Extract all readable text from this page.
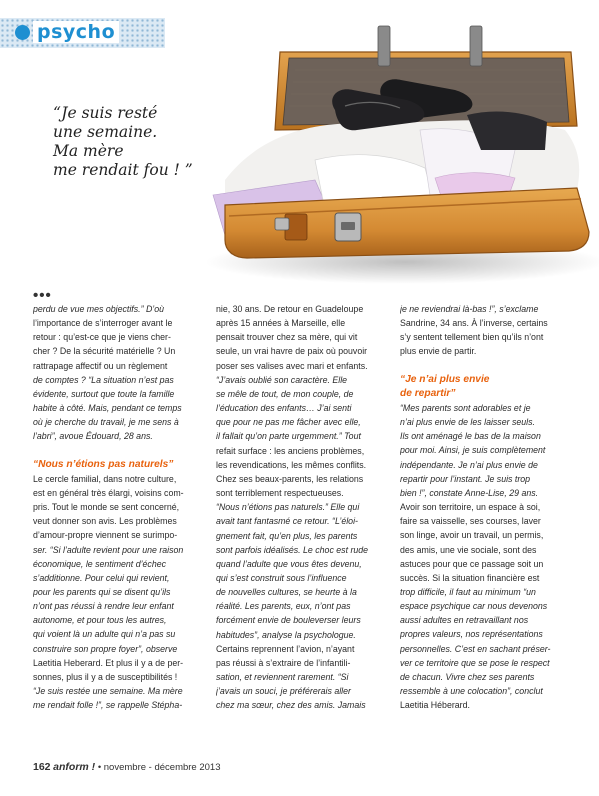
psycho
“Je suis resté
une semaine.
Ma mère
me rendait fou ! ”
•••
perdu de vue mes objectifs.” D’où
l’importance de s’interroger avant le
retour : qu’est-ce que je viens cher-
cher ? De la sécurité matérielle ? Un
rattrapage affectif ou un règlement
de comptes ? “La situation n’est pas
évidente, surtout que toute la famille
habite à côté. Mais, pendant ce temps
où je cherche du travail, je me sens à
l’abri”, avoue Édouard, 28 ans.
“Nous n’étions pas naturels”
Le cercle familial, dans notre culture,
est en général très élargi, voisins com-
pris. Tout le monde se sent concerné,
veut donner son avis. Les problèmes
d’amour-propre viennent se surimpo-
ser. “Si l’adulte revient pour une raison
économique, le sentiment d’échec
s’additionne. Pour celui qui revient,
pour les parents qui se disent qu’ils
n’ont pas réussi à rendre leur enfant
autonome, et pour tous les autres,
qui voient là un adulte qui n’a pas su
construire son propre foyer”, observe
Laetitia Heberard. Et plus il y a de per-
sonnes, plus il y a de susceptibilités !
“Je suis restée une semaine. Ma mère
me rendait folle !”, se rappelle Stépha-
nie, 30 ans. De retour en Guadeloupe
après 15 années à Marseille, elle
pensait trouver chez sa mère, qui vit
seule, un vrai havre de paix où pouvoir
poser ses valises avec mari et enfants.
“J’avais oublié son caractère. Elle
se mêle de tout, de mon couple, de
l’éducation des enfants… J’ai senti
que pour ne pas me fâcher avec elle,
il fallait qu’on parte urgemment.” Tout
refait surface : les anciens problèmes,
les revendications, les mêmes conflits.
Chez ses beaux-parents, les relations
sont terriblement respectueuses.
“Nous n’étions pas naturels.” Elle qui
avait tant fantasmé ce retour. “L’éloi-
gnement fait, qu’en plus, les parents
sont parfois idéalisés. Le choc est rude
quand l’adulte que vous êtes devenu,
qui s’est construit sous l’influence
de nouvelles cultures, se heurte à la
réalité. Les parents, eux, n’ont pas
forcément envie de bouleverser leurs
habitudes”, analyse la psychologue.
Certains reprennent l’avion, n’ayant
pas réussi à s’extraire de l’infantili-
sation, et reviennent rarement. “Si
j’avais un souci, je préférerais aller
chez ma sœur, chez des amis. Jamais
je ne reviendrai là-bas !”, s’exclame
Sandrine, 34 ans. À l’inverse, certains
s’y sentent tellement bien qu’ils n’ont
plus envie de partir.
“Je n’ai plus envie
de repartir”
“Mes parents sont adorables et je
n’ai plus envie de les laisser seuls.
Ils ont aménagé le bas de la maison
pour moi. Ainsi, je suis complètement
indépendante. Je n’ai plus envie de
repartir pour l’instant. Je suis trop
bien !”, constate Anne-Lise, 29 ans.
Avoir son territoire, un espace à soi,
faire sa vaisselle, ses courses, laver
son linge, avoir un travail, un permis,
des amis, une vie sociale, sont des
astuces pour que ce passage soit un
succès. Si la situation financière est
trop difficile, il faut au minimum “un
espace psychique car nous devenons
aussi adultes en retravaillant nos
propres valeurs, nos représentations
personnelles. C’est en sachant préser-
ver ce territoire que se pose le respect
de chacun. Vivre chez ses parents
ressemble à une colocation”, conclut
Laetitia Héberard.
162 anform ! • novembre - décembre 2013
